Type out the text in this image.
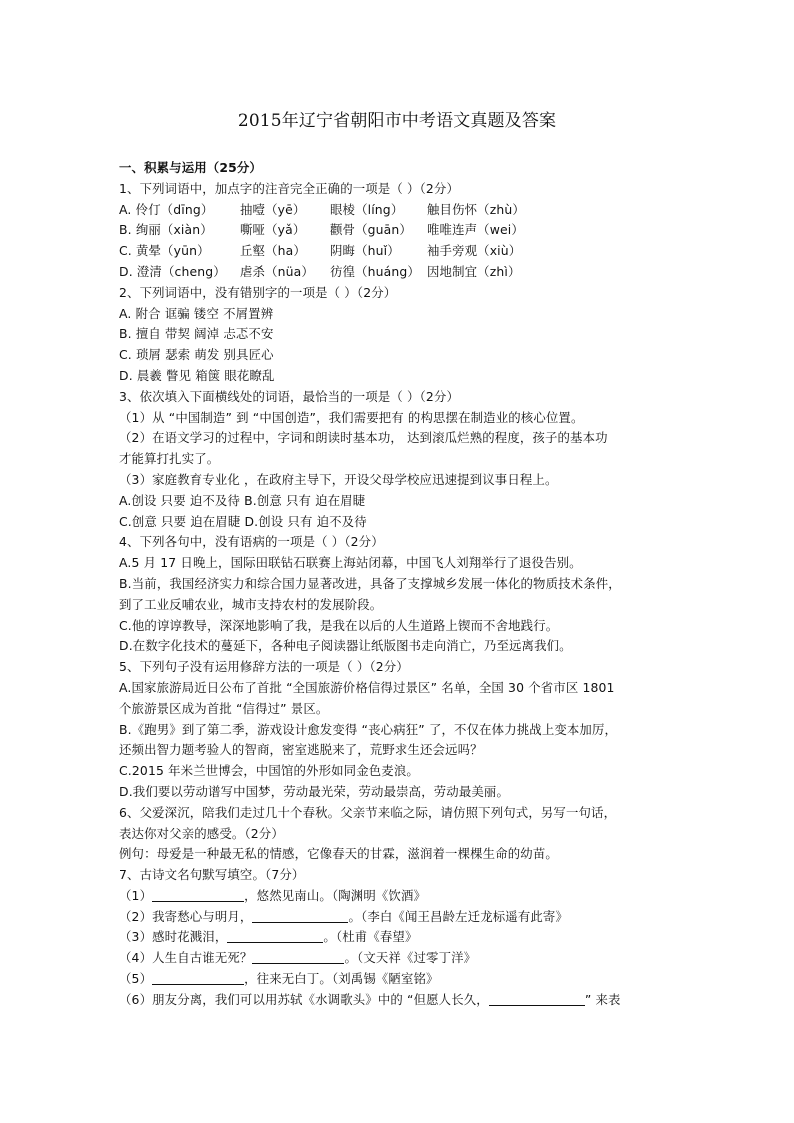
2015年辽宁省朝阳市中考语文真题及答案
一、积累与运用（25分）
1、下列词语中，加点字的注音完全正确的一项是（ ）（2分）
A. 伶仃（dīng） 抽噎（yē） 眼棱（líng） 触目伤怀（zhù）
B. 绚丽（xiàn） 嘶哑（yǎ） 颧骨（guān） 唯唯连声（wei）
C. 黄晕（yūn） 丘壑（ha） 阴晦（huǐ） 袖手旁观（xiù）
D. 澄清（cheng） 虐杀（nüa） 彷徨（huáng） 因地制宜（zhì）
2、下列词语中，没有错别字的一项是（ ）（2分）
A. 附合 诓骗 镂空 不屑置辨
B. 擅自 带契 阔淖 忐忑不安
C. 琐屑 瑟索 萌发 别具匠心
D. 晨羲 瞥见 箱箧 眼花瞭乱
3、依次填入下面横线处的词语，最恰当的一项是（ ）（2分）
（1）从 “中国制造” 到 “中国创造”，我们需要把有 的构思摆在制造业的核心位置。
（2）在语文学习的过程中，字词和朗读时基本功， 达到滚瓜烂熟的程度，孩子的基本功
才能算打扎实了。
（3）家庭教育专业化 ，在政府主导下，开设父母学校应迅速提到议事日程上。
A.创设 只要 迫不及待 B.创意 只有 迫在眉睫
C.创意 只要 迫在眉睫 D.创设 只有 迫不及待
4、下列各句中，没有语病的一项是（ ）（2分）
A.5 月 17 日晚上，国际田联钻石联赛上海站闭幕，中国飞人刘翔举行了退役告别。
B.当前，我国经济实力和综合国力显著改进，具备了支撑城乡发展一体化的物质技术条件，
到了工业反哺农业，城市支持农村的发展阶段。
C.他的谆谆教导，深深地影响了我，是我在以后的人生道路上锲而不舍地践行。
D.在数字化技术的蔓延下，各种电子阅读器让纸版图书走向消亡，乃至远离我们。
5、下列句子没有运用修辞方法的一项是（ ）（2分）
A.国家旅游局近日公布了首批 “全国旅游价格信得过景区” 名单，全国 30 个省市区 1801
个旅游景区成为首批 “信得过” 景区。
B.《跑男》到了第二季，游戏设计愈发变得 “丧心病狂” 了，不仅在体力挑战上变本加厉，
还频出智力题考验人的智商，密室逃脱来了，荒野求生还会远吗？
C.2015 年米兰世博会，中国馆的外形如同金色麦浪。
D.我们要以劳动谱写中国梦，劳动最光荣，劳动最崇高，劳动最美丽。
6、父爱深沉，陪我们走过几十个春秋。父亲节来临之际，请仿照下列句式，另写一句话，
表达你对父亲的感受。（2分）
例句：母爱是一种最无私的情感，它像春天的甘霖，滋润着一棵棵生命的幼苗。
7、古诗文名句默写填空。（7分）
（1）	，悠然见南山。（陶渊明《饮酒》
（2）我寄愁心与明月，	。（李白《闻王昌龄左迁龙标遥有此寄》
（3）感时花溅泪，	。（杜甫《春望》
（4）人生自古谁无死？	。（文天祥《过零丁洋》
（5）	，往来无白丁。（刘禹锡《陋室铭》
（6）朋友分离，我们可以用苏轼《水调歌头》中的 “但愿人长久，	” 来表
